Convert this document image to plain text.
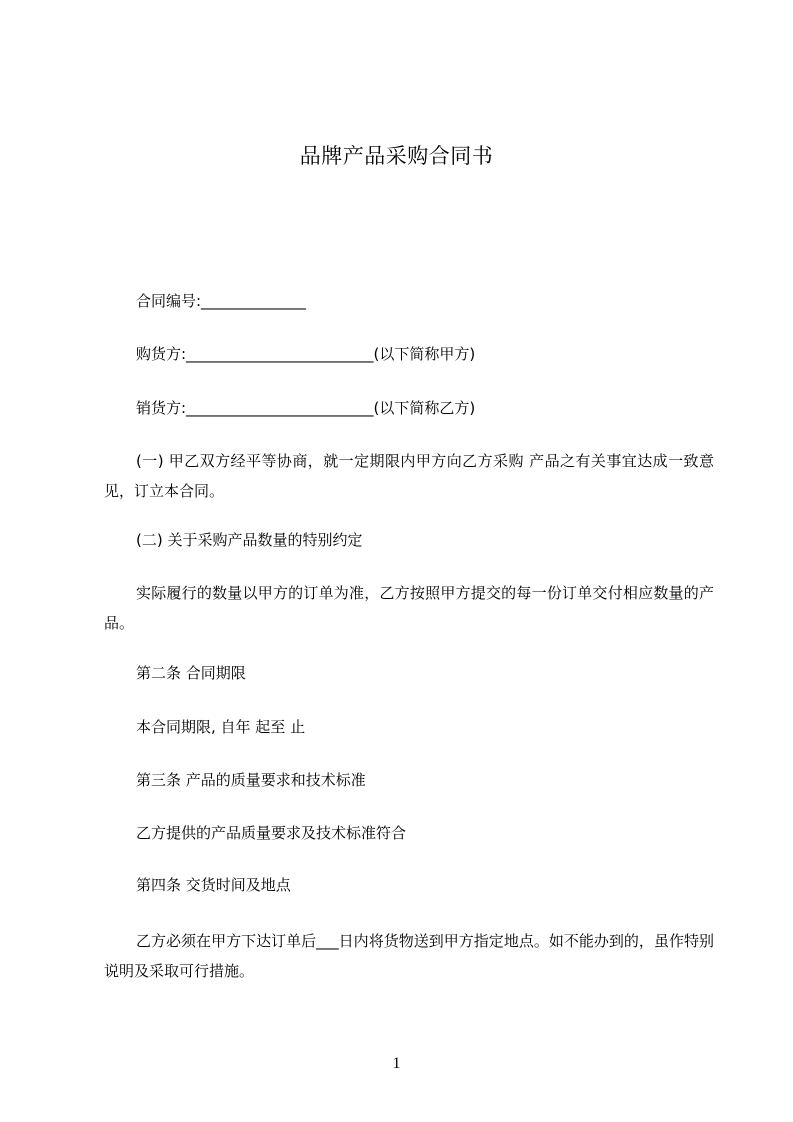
品牌产品采购合同书
合同编号:______________
购货方:_________________________(以下简称甲方)
销货方:_________________________(以下简称乙方)
(一) 甲乙双方经平等协商，就一定期限内甲方向乙方采购 产品之有关事宜达成一致意见，订立本合同。
(二) 关于采购产品数量的特别约定
实际履行的数量以甲方的订单为准，乙方按照甲方提交的每一份订单交付相应数量的产品。
第二条 合同期限
本合同期限, 自年 起至 止
第三条 产品的质量要求和技术标准
乙方提供的产品质量要求及技术标准符合
第四条 交货时间及地点
乙方必须在甲方下达订单后___日内将货物送到甲方指定地点。如不能办到的，虽作特别说明及采取可行措施。
1
